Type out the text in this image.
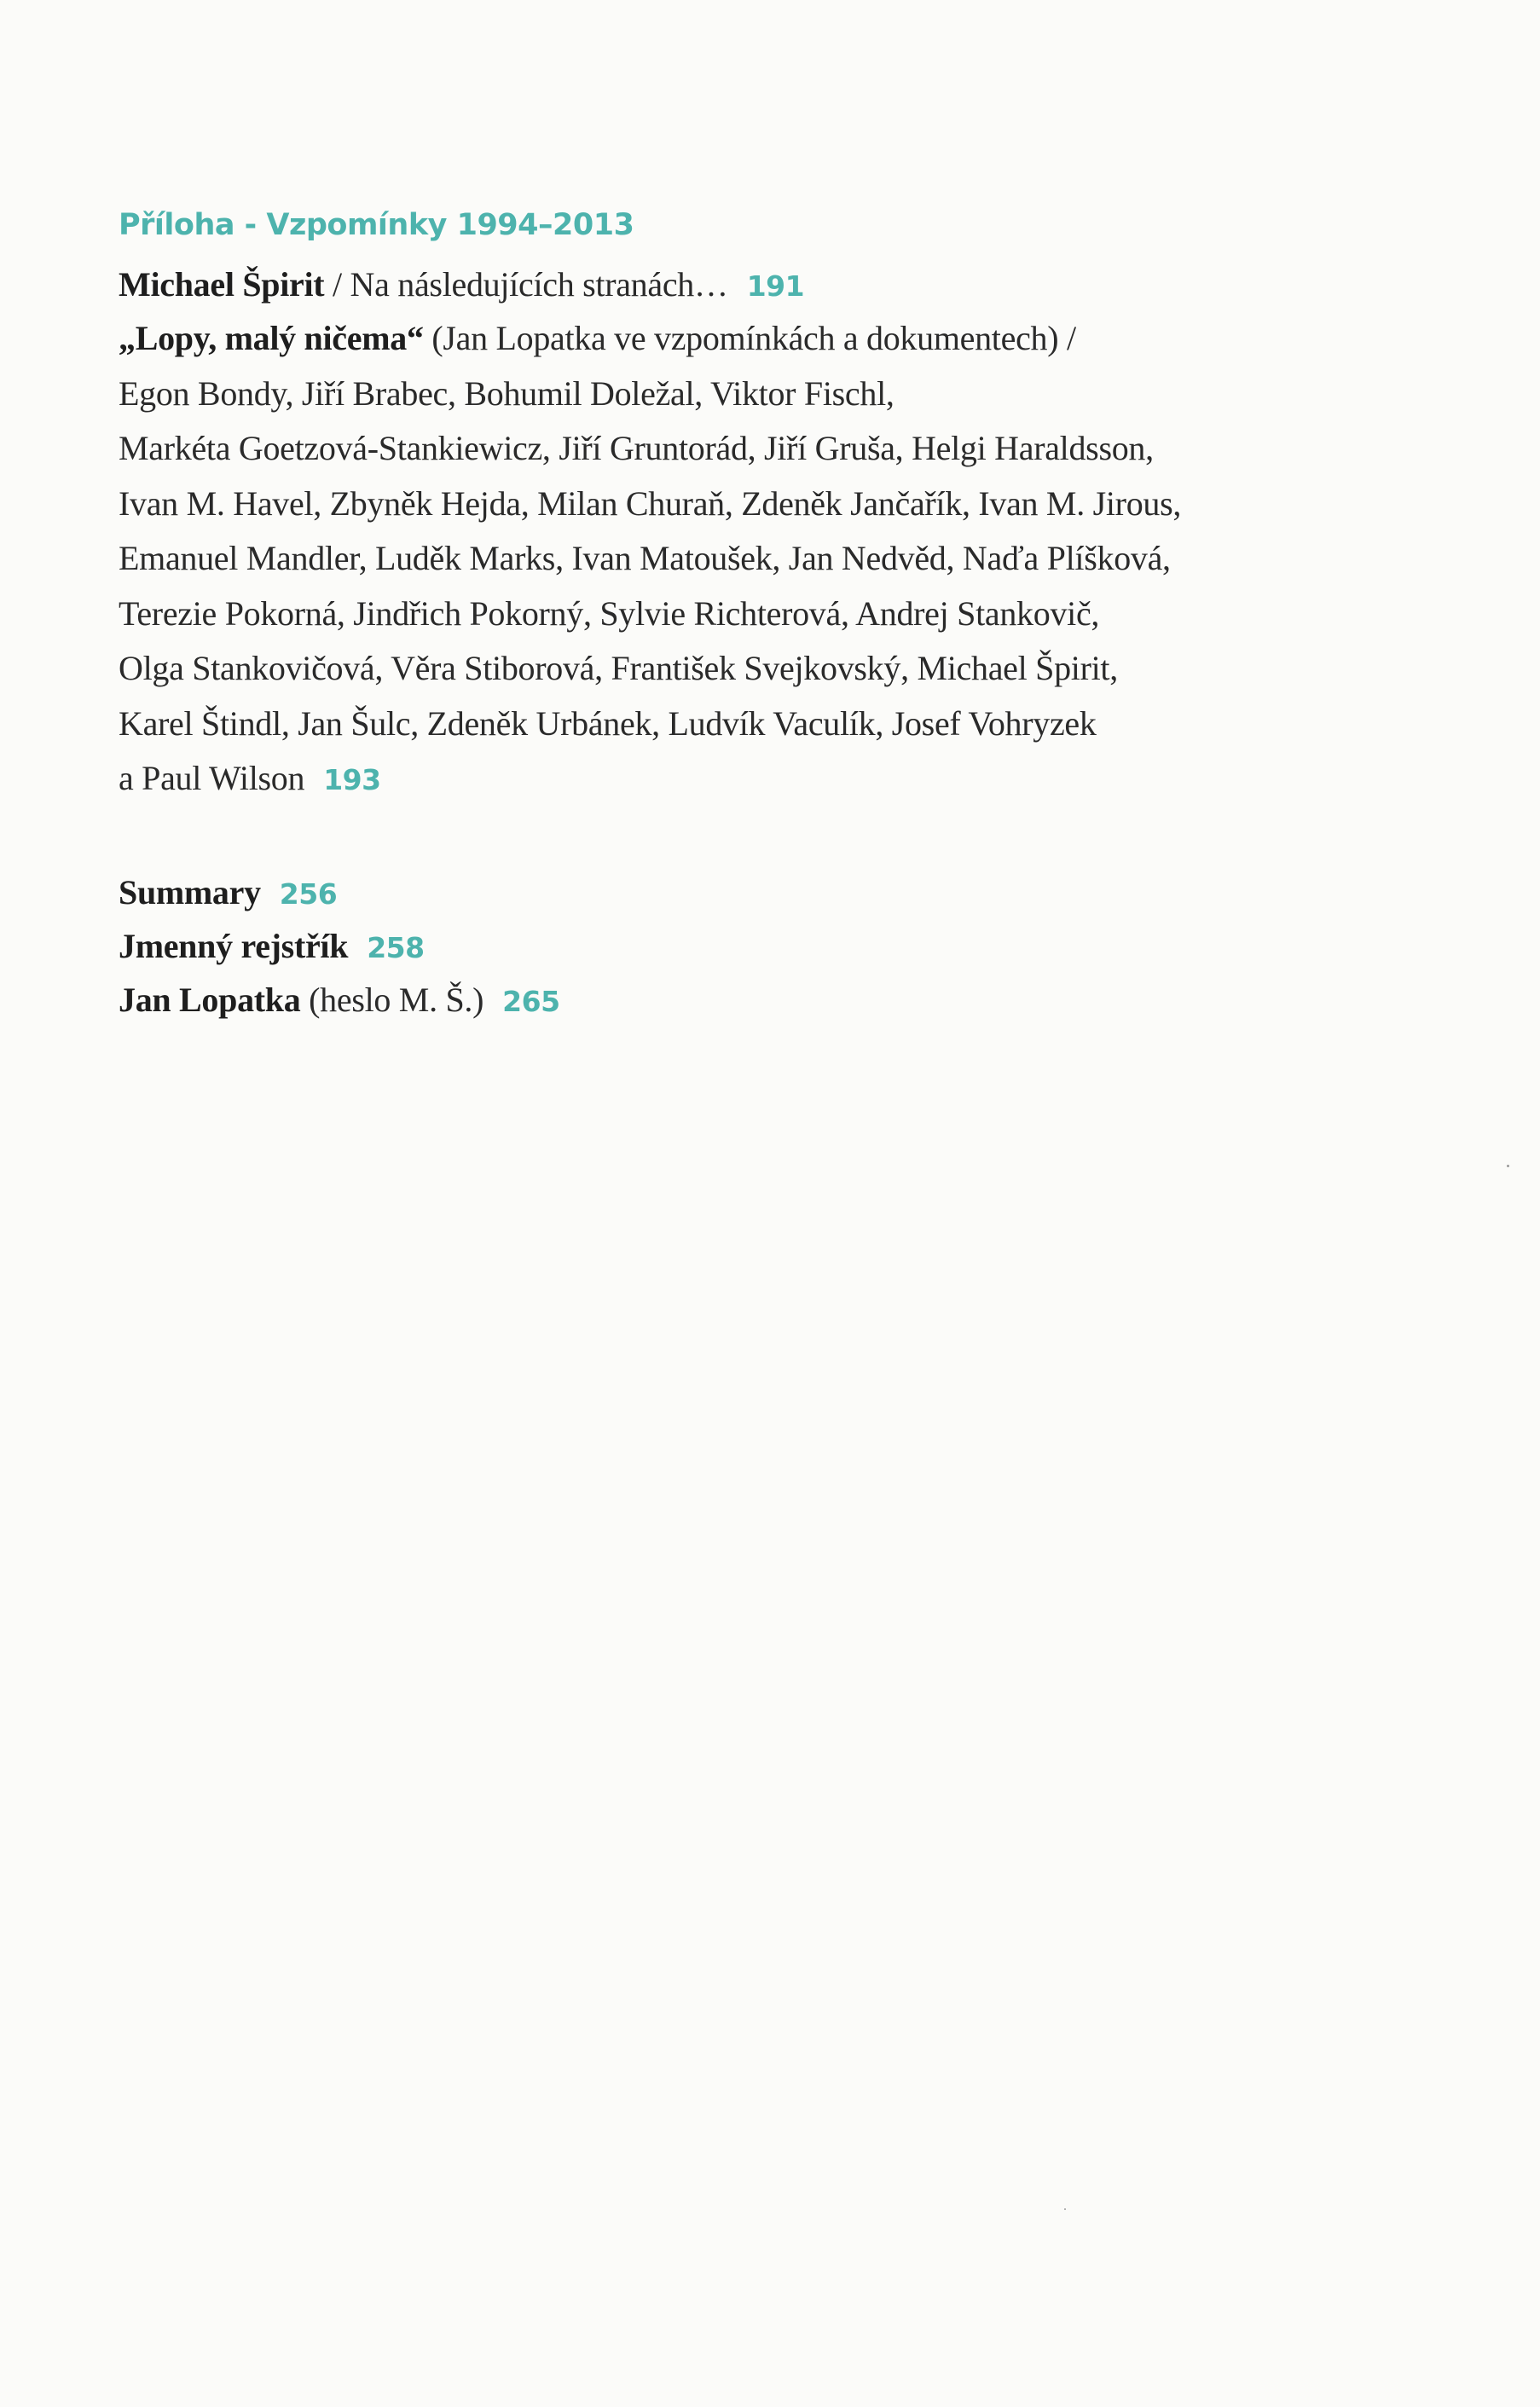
Příloha - Vzpomínky 1994–2013
Michael Špirit / Na následujících stranách… 191
„Lopy, malý ničema“ (Jan Lopatka ve vzpomínkách a dokumentech) /
Egon Bondy, Jiří Brabec, Bohumil Doležal, Viktor Fischl,
Markéta Goetzová-Stankiewicz, Jiří Gruntorád, Jiří Gruša, Helgi Haraldsson,
Ivan M. Havel, Zbyněk Hejda, Milan Churaň, Zdeněk Jančařík, Ivan M. Jirous,
Emanuel Mandler, Luděk Marks, Ivan Matoušek, Jan Nedvěd, Naďa Plíšková,
Terezie Pokorná, Jindřich Pokorný, Sylvie Richterová, Andrej Stankovič,
Olga Stankovičová, Věra Stiborová, František Svejkovský, Michael Špirit,
Karel Štindl, Jan Šulc, Zdeněk Urbánek, Ludvík Vaculík, Josef Vohryzek
a Paul Wilson 193
Summary 256
Jmenný rejstřík 258
Jan Lopatka (heslo M. Š.) 265
